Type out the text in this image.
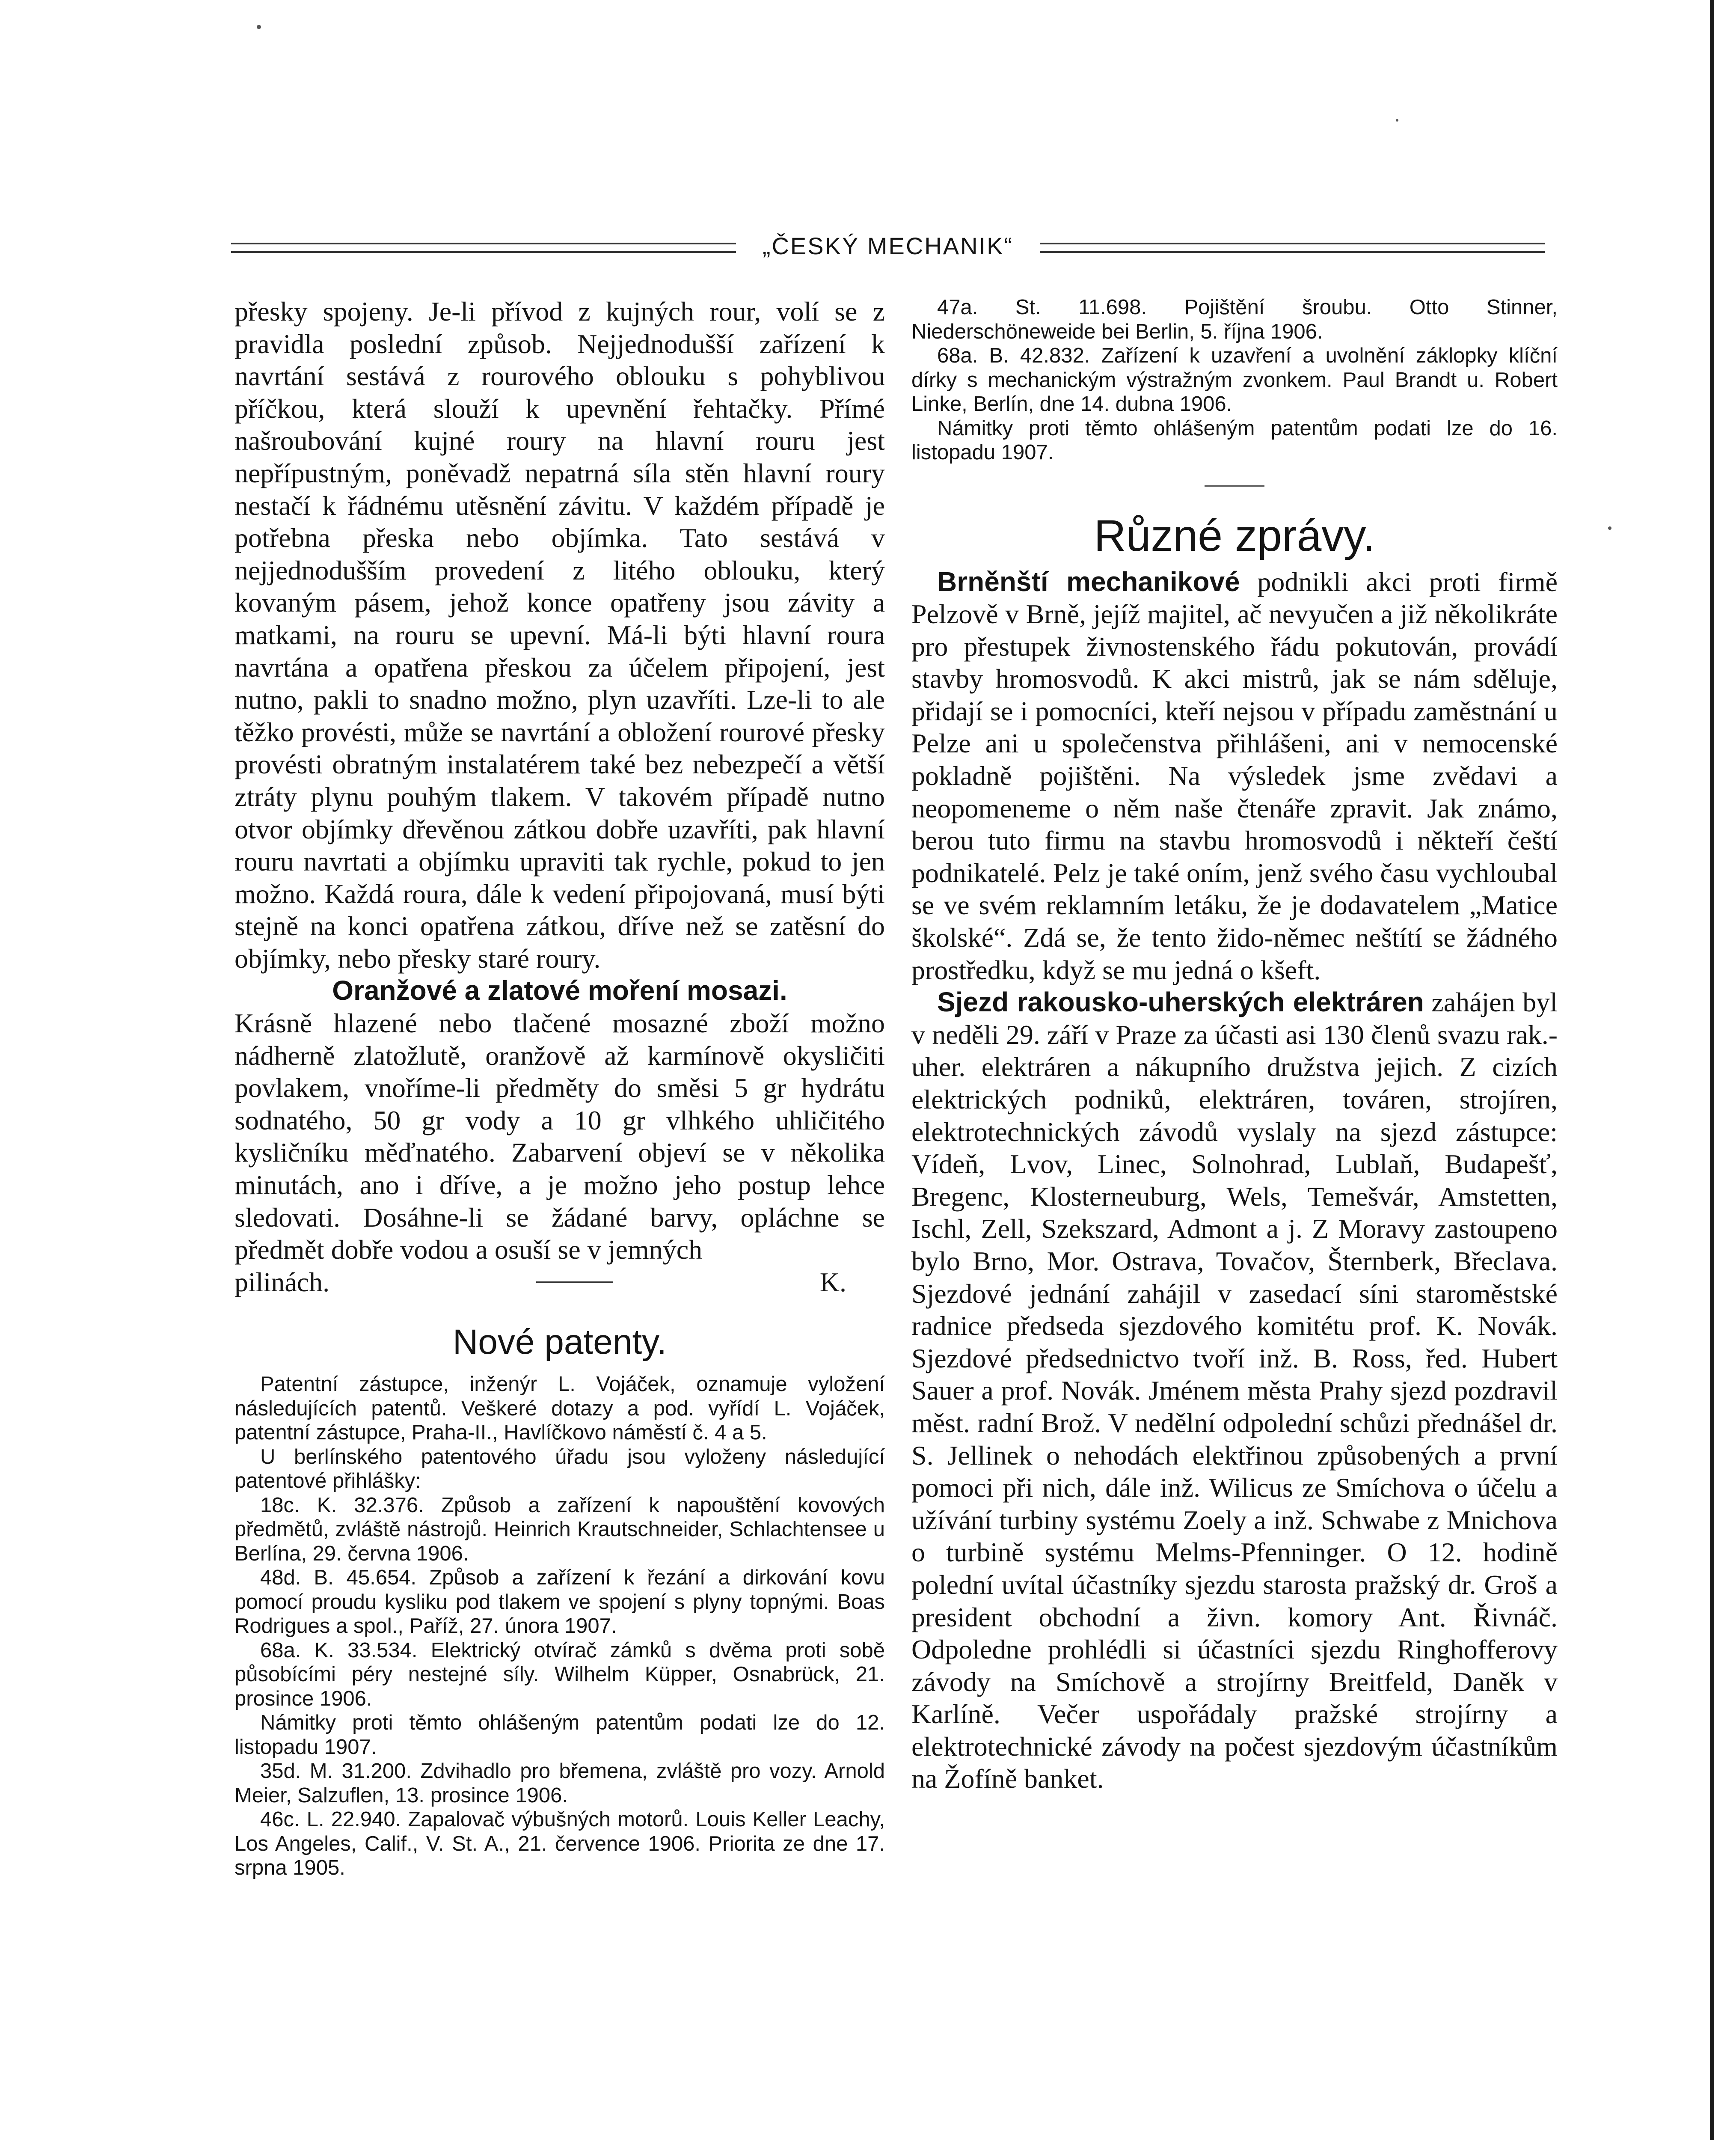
„ČESKÝ MECHANIK“

přesky spojeny. Je-li přívod z kujných rour, volí se z pravidla poslední způsob. Nejjednodušší zařízení k navrtání sestává z rourového oblouku s pohyblivou příčkou, která slouží k upevnění řehtačky. Přímé našroubování kujné roury na hlavní rouru jest nepřípustným, poněvadž nepatrná síla stěn hlavní roury nestačí k řádnému utěsnění závitu. V každém případě je potřebna přeska nebo objímka. Tato sestává v nejjednodušším provedení z litého oblouku, který kovaným pásem, jehož konce opatřeny jsou závity a matkami, na rouru se upevní. Má-li býti hlavní roura navrtána a opatřena přeskou za účelem připojení, jest nutno, pakli to snadno možno, plyn uzavříti. Lze-li to ale těžko provésti, může se navrtání a obložení rourové přesky provésti obratným instalatérem také bez nebezpečí a větší ztráty plynu pouhým tlakem. V takovém případě nutno otvor objímky dřevěnou zátkou dobře uzavříti, pak hlavní rouru navrtati a objímku upraviti tak rychle, pokud to jen možno. Každá roura, dále k vedení připojovaná, musí býti stejně na konci opatřena zátkou, dříve než se zatěsní do objímky, nebo přesky staré roury.

Oranžové a zlatové moření mosazi.

Krásně hlazené nebo tlačené mosazné zboží možno nádherně zlatožlutě, oranžově až karmínově okysličiti povlakem, vnoříme-li předměty do směsi 5 gr hydrátu sodnatého, 50 gr vody a 10 gr vlhkého uhličitého kysličníku měďnatého. Zabarvení objeví se v několika minutách, ano i dříve, a je možno jeho postup lehce sledovati. Dosáhne-li se žádané barvy, opláchne se předmět dobře vodou a osuší se v jemných

pilinách.	K.
Nové patenty.

Patentní zástupce, inženýr L. Vojáček, oznamuje vyložení následujících patentů. Veškeré dotazy a pod. vyřídí L. Vojáček, patentní zástupce, Praha-II., Havlíčkovo náměstí č. 4 a 5.

U berlínského patentového úřadu jsou vyloženy následující patentové přihlášky:

18c. K. 32.376. Způsob a zařízení k napouštění kovových předmětů, zvláště nástrojů. Heinrich Krautschneider, Schlachtensee u Berlína, 29. června 1906.

48d. B. 45.654. Způsob a zařízení k řezání a dirkování kovu pomocí proudu kysliku pod tlakem ve spojení s plyny topnými. Boas Rodrigues a spol., Paříž, 27. února 1907.

68a. K. 33.534. Elektrický otvírač zámků s dvěma proti sobě působícími péry nestejné síly. Wilhelm Küpper, Osnabrück, 21. prosince 1906.

Námitky proti těmto ohlášeným patentům podati lze do 12. listopadu 1907.

35d. M. 31.200. Zdvihadlo pro břemena, zvláště pro vozy. Arnold Meier, Salzuflen, 13. prosince 1906.

46c. L. 22.940. Zapalovač výbušných motorů. Louis Keller Leachy, Los Angeles, Calif., V. St. A., 21. července 1906. Priorita ze dne 17. srpna 1905.

47a. St. 11.698. Pojištění šroubu. Otto Stinner, Niederschöneweide bei Berlin, 5. října 1906.

68a. B. 42.832. Zařízení k uzavření a uvolnění záklopky klíční dírky s mechanickým výstražným zvonkem. Paul Brandt u. Robert Linke, Berlín, dne 14. dubna 1906.

Námitky proti těmto ohlášeným patentům podati lze do 16. listopadu 1907.

Různé zprávy.

Brněnští mechanikové podnikli akci proti firmě Pelzově v Brně, jejíž majitel, ač nevyučen a již několikráte pro přestupek živnostenského řádu pokutován, provádí stavby hromosvodů. K akci mistrů, jak se nám sděluje, přidají se i pomocníci, kteří nejsou v případu zaměstnání u Pelze ani u společenstva přihlášeni, ani v nemocenské pokladně pojištěni. Na výsledek jsme zvědavi a neopomeneme o něm naše čtenáře zpravit. Jak známo, berou tuto firmu na stavbu hromosvodů i někteří čeští podnikatelé. Pelz je také oním, jenž svého času vychloubal se ve svém reklamním letáku, že je dodavatelem „Matice školské“. Zdá se, že tento žido-němec neštítí se žádného prostředku, když se mu jedná o kšeft.

Sjezd rakousko-uherských elektráren zahájen byl v neděli 29. září v Praze za účasti asi 130 členů svazu rak.-uher. elektráren a nákupního družstva jejich. Z cizích elektrických podniků, elektráren, továren, strojíren, elektrotechnických závodů vyslaly na sjezd zástupce: Vídeň, Lvov, Linec, Solnohrad, Lublaň, Budapešť, Bregenc, Klosterneuburg, Wels, Temešvár, Amstetten, Ischl, Zell, Szekszard, Admont a j. Z Moravy zastoupeno bylo Brno, Mor. Ostrava, Tovačov, Šternberk, Břeclava. Sjezdové jednání zahájil v zasedací síni staroměstské radnice předseda sjezdového komitétu prof. K. Novák. Sjezdové předsednictvo tvoří inž. B. Ross, řed. Hubert Sauer a prof. Novák. Jménem města Prahy sjezd pozdravil měst. radní Brož. V nedělní odpolední schůzi přednášel dr. S. Jellinek o nehodách elektřinou způsobených a první pomoci při nich, dále inž. Wilicus ze Smíchova o účelu a užívání turbiny systému Zoely a inž. Schwabe z Mnichova o turbině systému Melms-Pfenninger. O 12. hodině polední uvítal účastníky sjezdu starosta pražský dr. Groš a president obchodní a živn. komory Ant. Řivnáč. Odpoledne prohlédli si účastníci sjezdu Ringhofferovy závody na Smíchově a strojírny Breitfeld, Daněk v Karlíně. Večer uspořádaly pražské strojírny a elektrotechnické závody na počest sjezdovým účastníkům na Žofíně banket.
